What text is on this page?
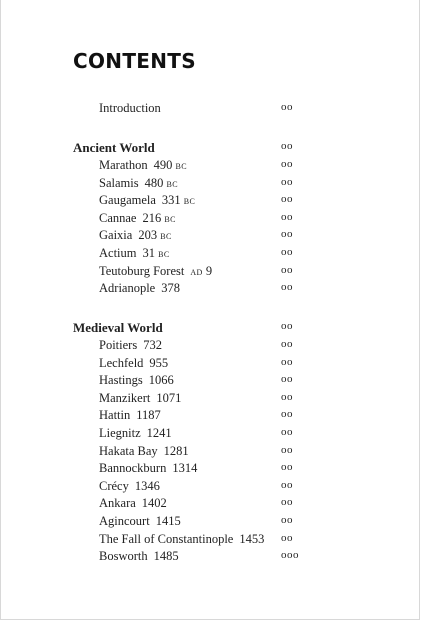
CONTENTS
Introduction	oo
Ancient World	oo
Marathon 490 bc	oo
Salamis 480 bc	oo
Gaugamela 331 bc	oo
Cannae 216 bc	oo
Gaixia 203 bc	oo
Actium 31 bc	oo
Teutoburg Forest ad 9	oo
Adrianople 378	oo
Medieval World	oo
Poitiers 732	oo
Lechfeld 955	oo
Hastings 1066	oo
Manzikert 1071	oo
Hattin 1187	oo
Liegnitz 1241	oo
Hakata Bay 1281	oo
Bannockburn 1314	oo
Crécy 1346	oo
Ankara 1402	oo
Agincourt 1415	oo
The Fall of Constantinople 1453 oo
Bosworth 1485	ooo
